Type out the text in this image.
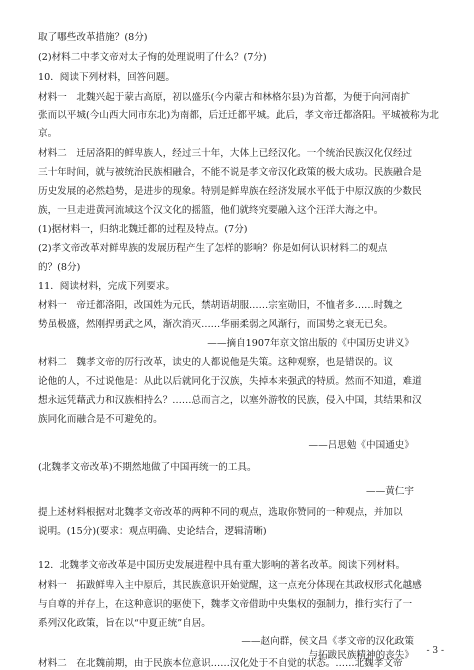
取了哪些改革措施？(8分)
(2)材料二中孝文帝对太子恂的处理说明了什么？(7分)
10．阅读下列材料，回答问题。
材料一　北魏兴起于蒙古高原，初以盛乐(今内蒙古和林格尔县)为首都，为便于向河南扩
张而以平城(今山西大同市东北)为南都，后迁迁都平城。此后，孝文帝迁都洛阳。平城被称为北
京。
材料二　迁居洛阳的鲜卑族人，经过三十年，大体上已经汉化。一个统治民族汉化仅经过
三十年时间，就与被统治民族相融合，不能不说是孝文帝汉化政策的极大成功。民族融合是
历史发展的必然趋势，是进步的现象。特别是鲜卑族在经济发展水平低于中原汉族的少数民
族，一旦走进黄河流域这个汉文化的摇篮，他们就终究要融入这个汪洋大海之中。
(1)据材料一，归纳北魏迁都的过程及特点。(7分)
(2)孝文帝改革对鲜卑族的发展历程产生了怎样的影响？你是如何认识材料二的观点
的？(8分)
11．阅读材料，完成下列要求。
材料一　帝迁都洛阳，改国姓为元氏，禁胡语胡服……宗室勋旧，不恤者多……时魏之
势虽极盛，然刚捍勇武之风，渐次消灭……华丽柔弱之风渐行，而国势之衰无已矣。
——摘自1907年京文馆出版的《中国历史讲义》
材料二　魏孝文帝的厉行改革，读史的人都说他是失策。这种观察，也是错误的。议
论他的人，不过说他是：从此以后就同化于汉族，失掉本来强武的特质。然而不知道，难道
想永远凭藉武力和汉族相持么？……总而言之，以塞外游牧的民族，侵入中国，其结果和汉
族同化而融合是不可避免的。
——吕思勉《中国通史》
(北魏孝文帝改革)不期然地做了中国再统一的工具。
——黄仁宇
提上述材料根据对北魏孝文帝改革的两种不同的观点，选取你赞同的一种观点，并加以
说明。(15分)(要求：观点明确、史论结合，逻辑清晰)
12．北魏孝文帝改革是中国历史发展进程中具有重大影响的著名改革。阅读下列材料。
材料一　拓跋鲜卑入主中原后，其民族意识开始觉醒，这一点充分体现在其政权形式化越感
与自尊的并存上，在这种意识的驱使下，魏孝文帝借助中央集权的强制力，推行实行了一
系列汉化政策，旨在以“中夏正统”自居。
——赵向群，侯文昌《孝文帝的汉化政策
与拓跋民族精神的丧失》
材料二　在北魏前期，由于民族本位意识……汉化处于不自觉的状态。……北魏孝文帝
- 3 -
